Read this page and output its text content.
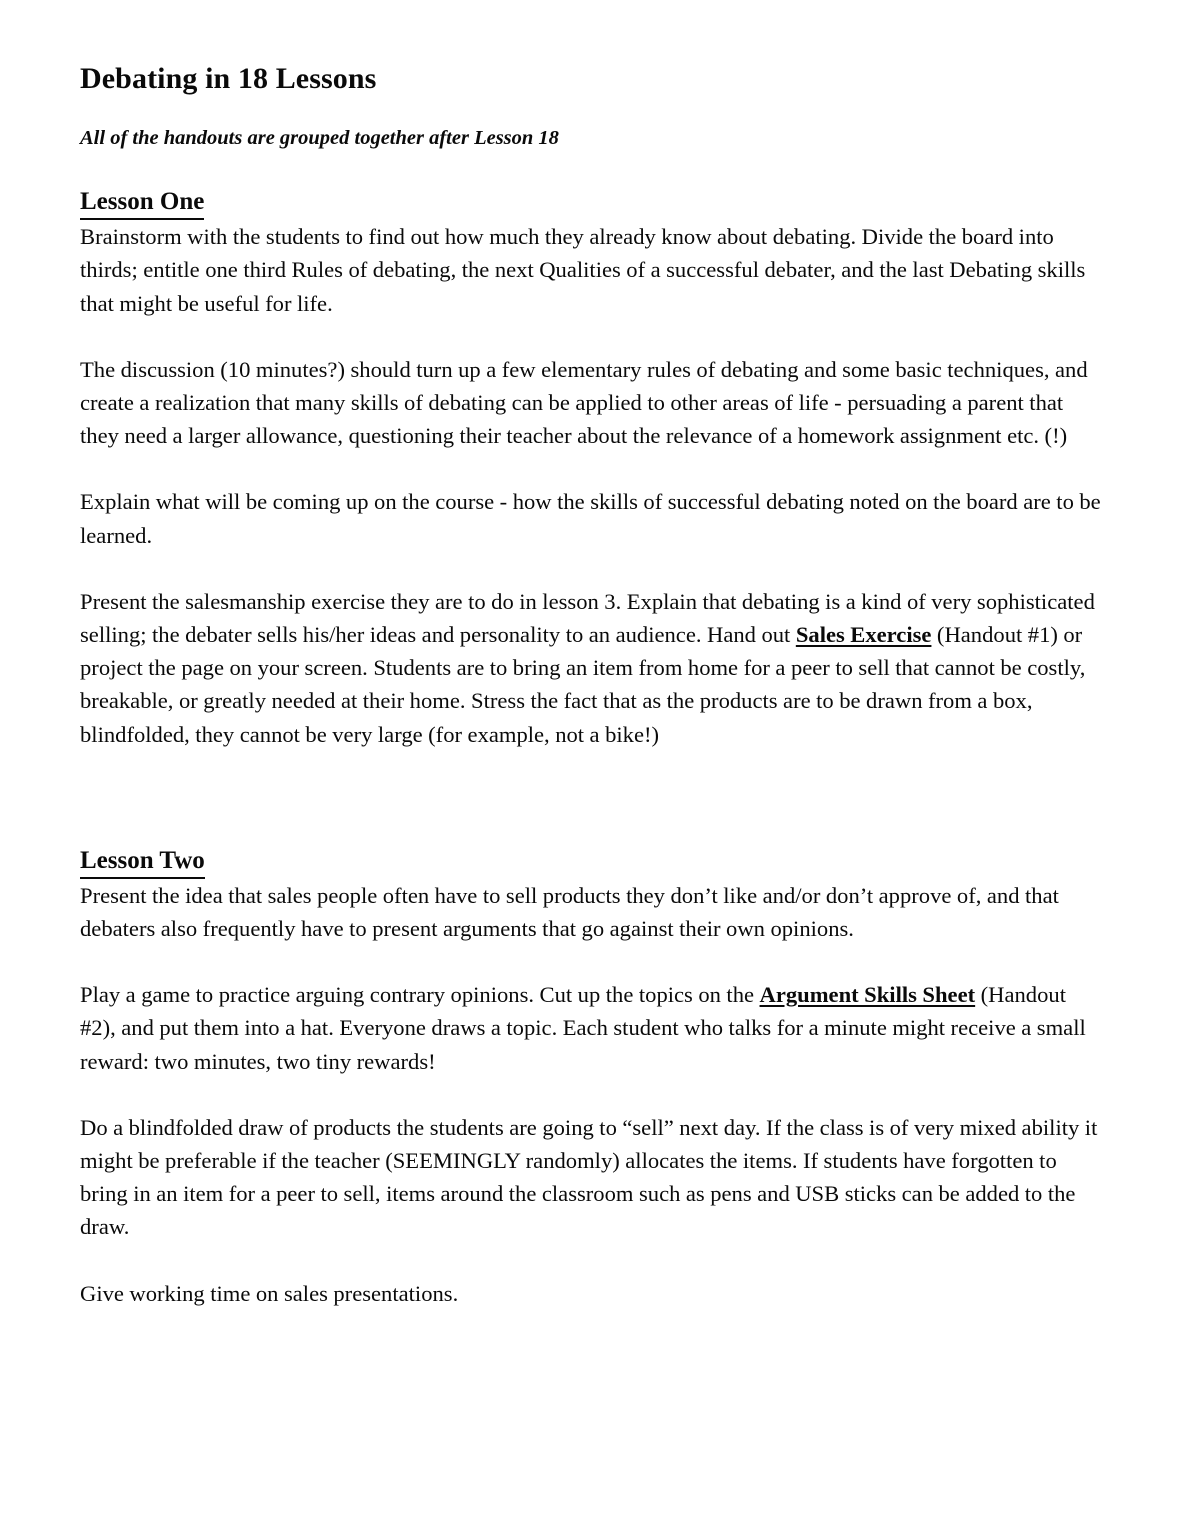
Debating in 18 Lessons
All of the handouts are grouped together after Lesson 18
Lesson One

Brainstorm with the students to find out how much they already know about debating. Divide the board into thirds; entitle one third Rules of debating, the next Qualities of a successful debater, and the last Debating skills that might be useful for life.

The discussion (10 minutes?) should turn up a few elementary rules of debating and some basic techniques, and create a realization that many skills of debating can be applied to other areas of life - persuading a parent that they need a larger allowance, questioning their teacher about the relevance of a homework assignment etc. (!)

Explain what will be coming up on the course - how the skills of successful debating noted on the board are to be learned.

Present the salesmanship exercise they are to do in lesson 3. Explain that debating is a kind of very sophisticated selling; the debater sells his/her ideas and personality to an audience. Hand out Sales Exercise (Handout #1) or project the page on your screen. Students are to bring an item from home for a peer to sell that cannot be costly, breakable, or greatly needed at their home. Stress the fact that as the products are to be drawn from a box, blindfolded, they cannot be very large (for example, not a bike!)

Lesson Two

Present the idea that sales people often have to sell products they don’t like and/or don’t approve of, and that debaters also frequently have to present arguments that go against their own opinions.

Play a game to practice arguing contrary opinions. Cut up the topics on the Argument Skills Sheet (Handout #2), and put them into a hat. Everyone draws a topic. Each student who talks for a minute might receive a small reward: two minutes, two tiny rewards!

Do a blindfolded draw of products the students are going to “sell” next day. If the class is of very mixed ability it might be preferable if the teacher (SEEMINGLY randomly) allocates the items. If students have forgotten to bring in an item for a peer to sell, items around the classroom such as pens and USB sticks can be added to the draw.

Give working time on sales presentations.
